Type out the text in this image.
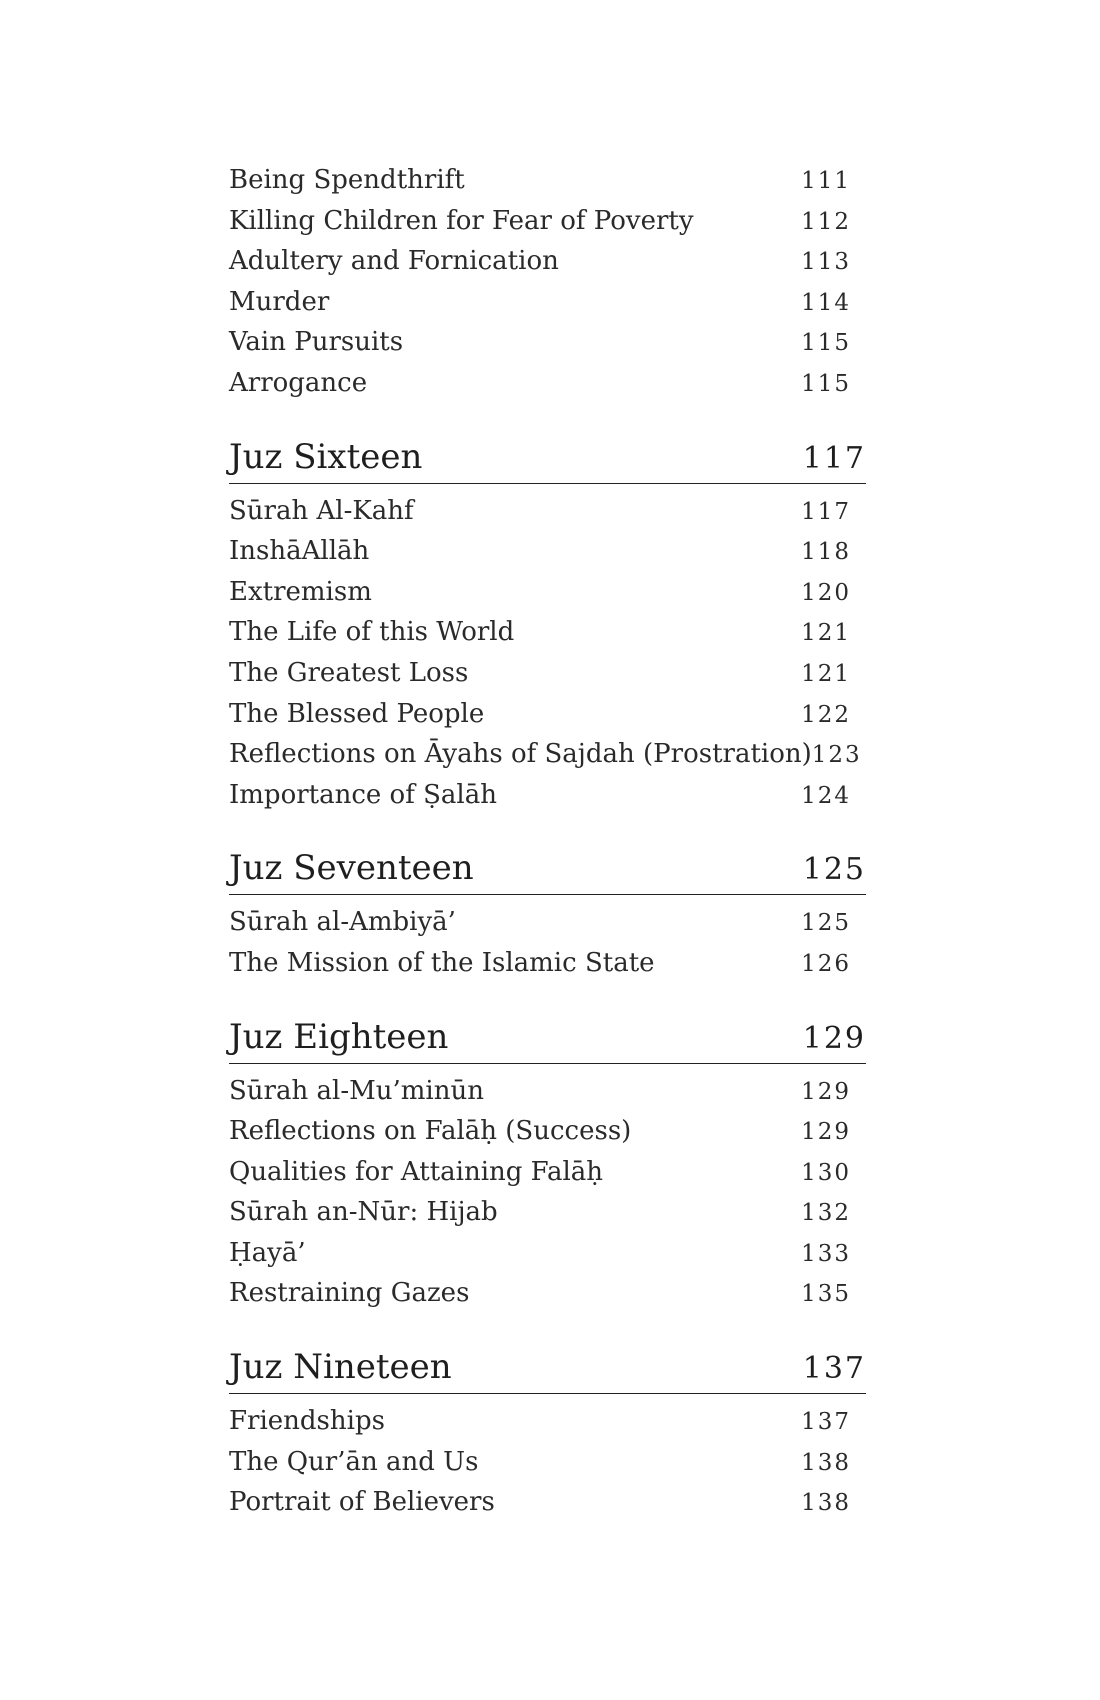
Being Spendthrift	111
Killing Children for Fear of Poverty	112
Adultery and Fornication	113
Murder	114
Vain Pursuits	115
Arrogance	115
Juz Sixteen	117
Sūrah Al-Kahf	117
InshāAllāh	118
Extremism	120
The Life of this World	121
The Greatest Loss	121
The Blessed People	122
Reflections on Āyahs of Sajdah (Prostration) 123
Importance of Ṣalāh	124
Juz Seventeen	125
Sūrah al-Ambiyā’	125
The Mission of the Islamic State	126
Juz Eighteen	129
Sūrah al-Mu’minūn	129
Reflections on Falāḥ (Success)	129
Qualities for Attaining Falāḥ	130
Sūrah an-Nūr: Hijab	132
Ḥayā’	133
Restraining Gazes	135
Juz Nineteen	137
Friendships	137
The Qur’ān and Us	138
Portrait of Believers	138
